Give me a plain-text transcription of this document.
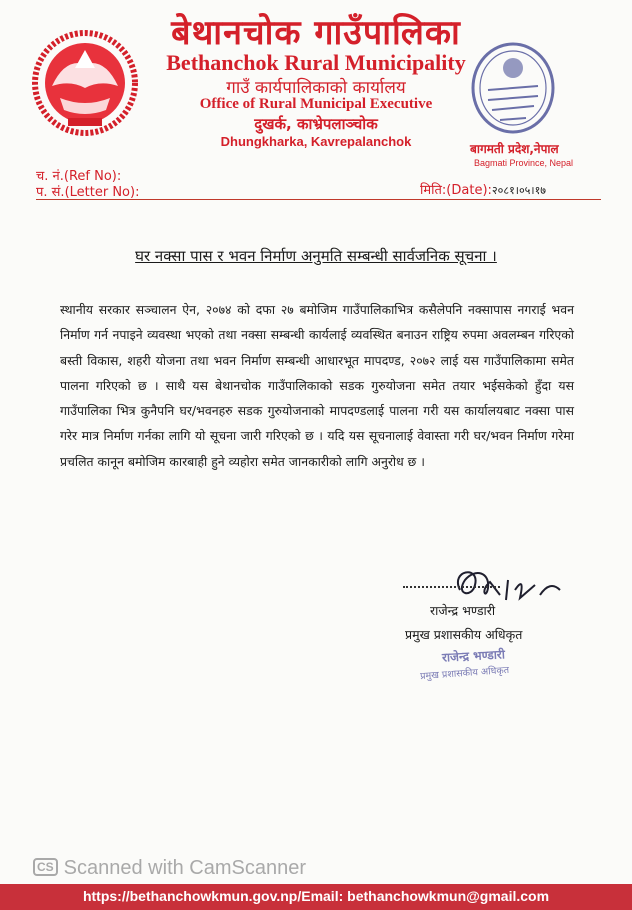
बेथानचोक गाउँपालिका
Bethanchok Rural Municipality
गाउँ कार्यपालिकाको कार्यालय
Office of Rural Municipal Executive
दुखर्क, काभ्रेपलाञ्चोक
Dhungkharka, Kavrepalanchok	बागमती प्रदेश,नेपाल
Bagmati Province, Nepal
च. नं.(Ref No):
प. सं.(Letter No):	मिति:(Date):२०८१।०५।१७
घर नक्सा पास र भवन निर्माण अनुमति सम्बन्धी सार्वजनिक सूचना ।
स्थानीय सरकार सञ्चालन ऐन, २०७४ को दफा २७ बमोजिम गाउँपालिकाभित्र कसैलेपनि नक्सापास नगराई भवन निर्माण गर्न नपाइने व्यवस्था भएको तथा नक्सा सम्बन्धी कार्यलाई व्यवस्थित बनाउन राष्ट्रिय रुपमा अवलम्बन गरिएको बस्ती विकास, शहरी योजना तथा भवन निर्माण सम्बन्धी आधारभूत मापदण्ड, २०७२ लाई यस गाउँपालिकामा समेत पालना गरिएको छ । साथै यस बेथानचोक गाउँपालिकाको सडक गुरुयोजना समेत तयार भईसकेको हुँदा यस गाउँपालिका भित्र कुनैपनि घर/भवनहरु सडक गुरुयोजनाको मापदण्डलाई पालना गरी यस कार्यालयबाट नक्सा पास गरेर मात्र निर्माण गर्नका लागि यो सूचना जारी गरिएको छ । यदि यस सूचनालाई वेवास्ता गरी घर/भवन निर्माण गरेमा प्रचलित कानून बमोजिम कारबाही हुने व्यहोरा समेत जानकारीको लागि अनुरोध छ ।
राजेन्द्र भण्डारी
प्रमुख प्रशासकीय अधिकृत
राजेन्द्र भण्डारी
प्रमुख प्रशासकीय अधिकृत
CS Scanned with CamScanner
https://bethanchowkmun.gov.np/Email: bethanchowkmun@gmail.com
